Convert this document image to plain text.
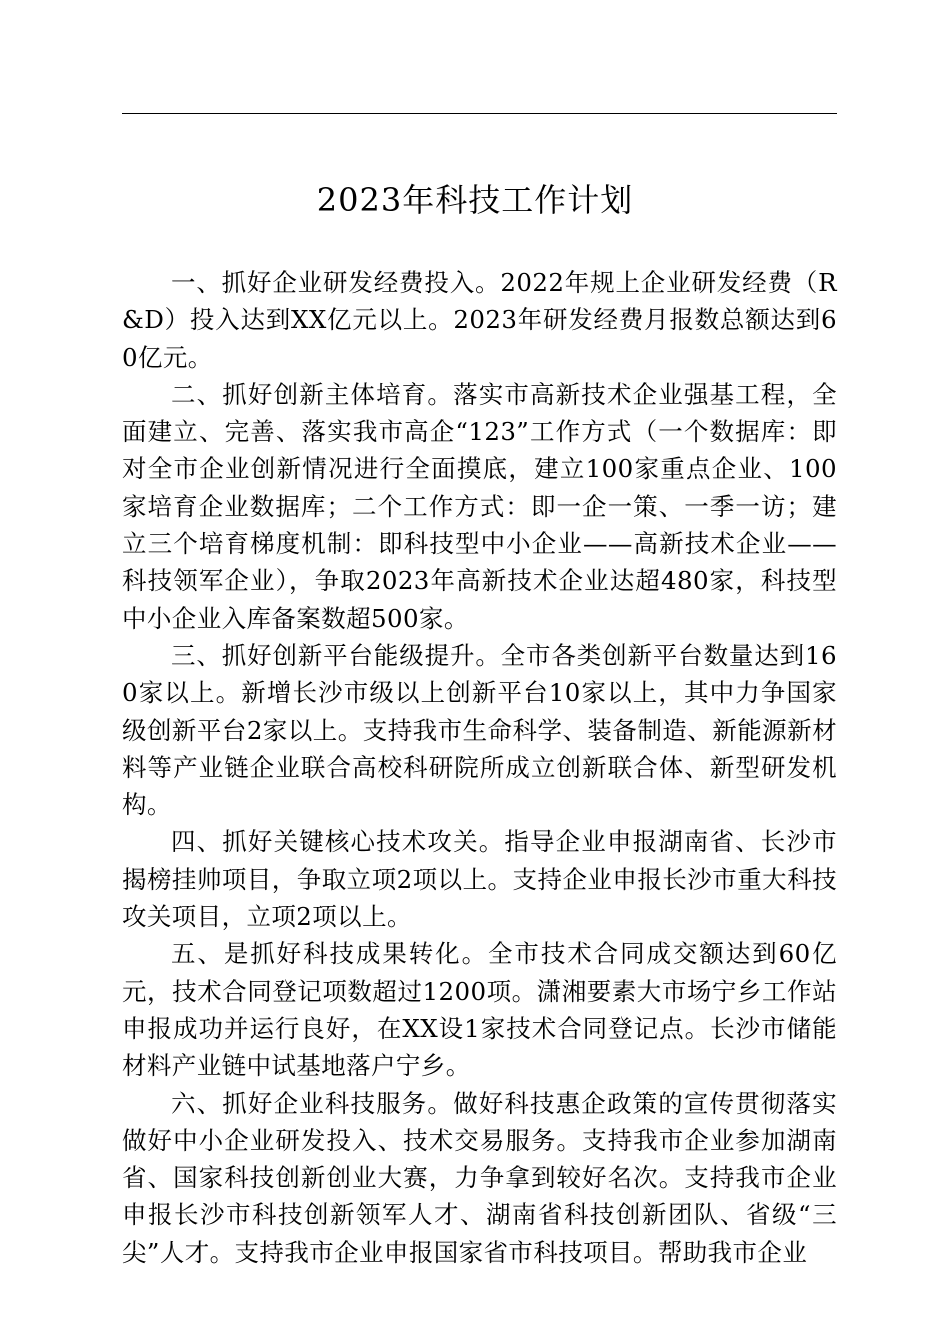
2023年科技工作计划

一、抓好企业研发经费投入。2022年规上企业研发经费（R&D）投入达到XX亿元以上。2023年研发经费月报数总额达到60亿元。

二、抓好创新主体培育。落实市高新技术企业强基工程，全面建立、完善、落实我市高企“123”工作方式（一个数据库：即对全市企业创新情况进行全面摸底，建立100家重点企业、100家培育企业数据库；二个工作方式：即一企一策、一季一访；建立三个培育梯度机制：即科技型中小企业——高新技术企业——科技领军企业），争取2023年高新技术企业达超480家，科技型中小企业入库备案数超500家。

三、抓好创新平台能级提升。全市各类创新平台数量达到160家以上。新增长沙市级以上创新平台10家以上，其中力争国家级创新平台2家以上。支持我市生命科学、装备制造、新能源新材料等产业链企业联合高校科研院所成立创新联合体、新型研发机构。

四、抓好关键核心技术攻关。指导企业申报湖南省、长沙市揭榜挂帅项目，争取立项2项以上。支持企业申报长沙市重大科技攻关项目，立项2项以上。

五、是抓好科技成果转化。全市技术合同成交额达到60亿元，技术合同登记项数超过1200项。潇湘要素大市场宁乡工作站申报成功并运行良好，在XX设1家技术合同登记点。长沙市储能材料产业链中试基地落户宁乡。

六、抓好企业科技服务。做好科技惠企政策的宣传贯彻落实做好中小企业研发投入、技术交易服务。支持我市企业参加湖南省、国家科技创新创业大赛，力争拿到较好名次。支持我市企业申报长沙市科技创新领军人才、湖南省科技创新团队、省级“三尖”人才。支持我市企业申报国家省市科技项目。帮助我市企业
